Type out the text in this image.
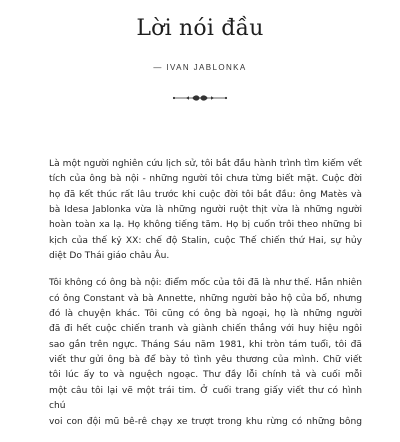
Lời nói đầu
— IVAN JABLONKA

Là một người nghiên cứu lịch sử, tôi bắt đầu hành trình tìm kiếm vết
tích của ông bà nội - những người tôi chưa từng biết mặt. Cuộc đời
họ đã kết thúc rất lâu trước khi cuộc đời tôi bắt đầu: ông Matès và
bà Idesa Jablonka vừa là những người ruột thịt vừa là những người
hoàn toàn xa lạ. Họ không tiếng tăm. Họ bị cuốn trôi theo những bi
kịch của thế kỷ XX: chế độ Stalin, cuộc Thế chiến thứ Hai, sự hủy
diệt Do Thái giáo châu Âu.

Tôi không có ông bà nội: điểm mốc của tôi đã là như thế. Hẳn nhiên
có ông Constant và bà Annette, những người bảo hộ của bố, nhưng
đó là chuyện khác. Tôi cũng có ông bà ngoại, họ là những người
đã đi hết cuộc chiến tranh và giành chiến thắng với huy hiệu ngôi
sao gắn trên ngực. Tháng Sáu năm 1981, khi tròn tám tuổi, tôi đã
viết thư gửi ông bà để bày tỏ tình yêu thương của mình. Chữ viết
tôi lúc ấy to và nguệch ngoạc. Thư đầy lỗi chính tả và cuối mỗi
một câu tôi lại vẽ một trái tim. Ở cuối trang giấy viết thư có hình chú
voi con đội mũ bê-rê chạy xe trượt trong khu rừng có những bông
